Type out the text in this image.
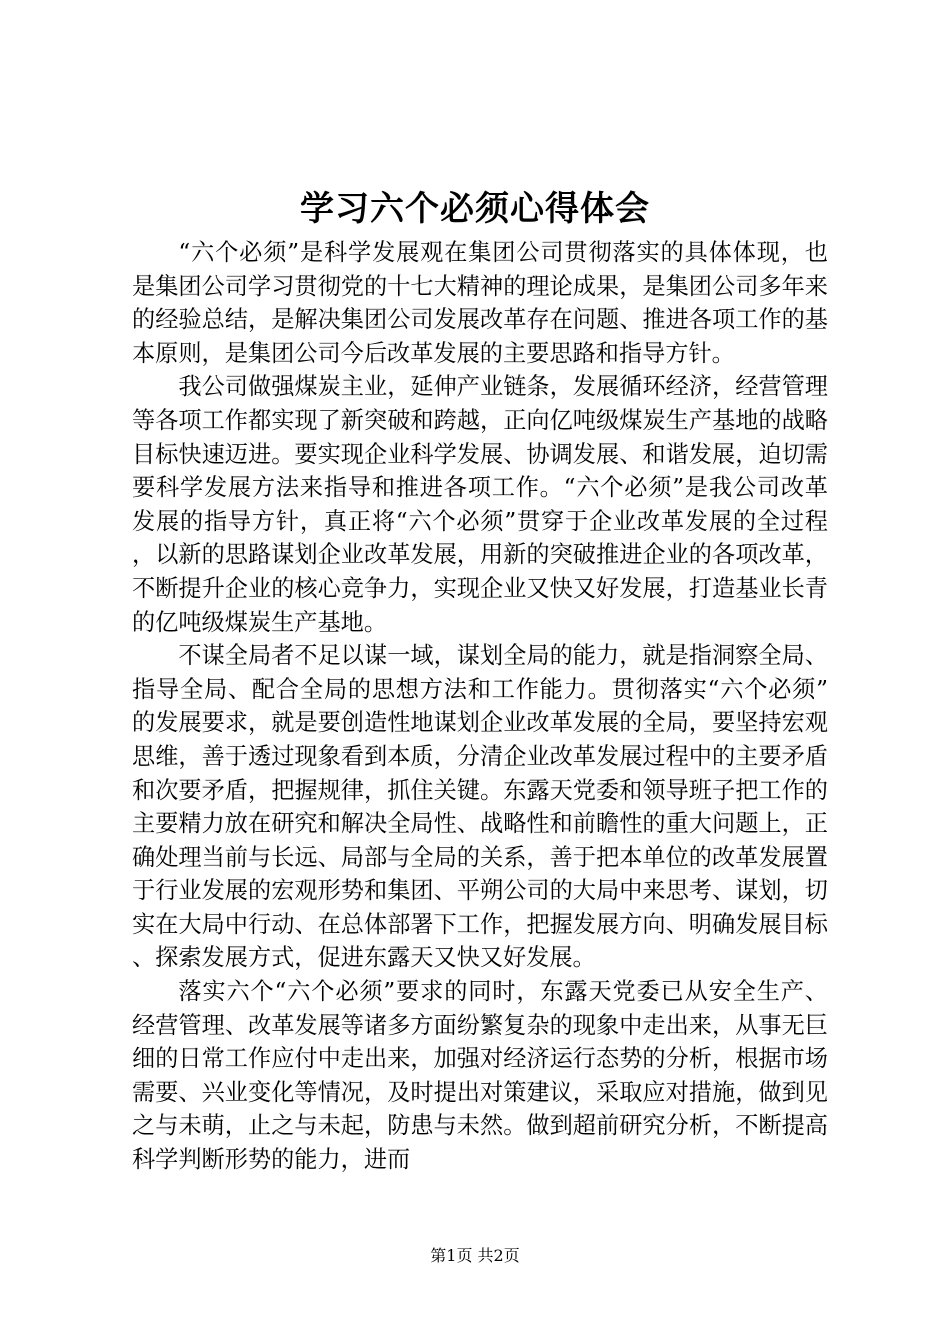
学习六个必须心得体会

“六个必须”是科学发展观在集团公司贯彻落实的具体体现，也是集团公司学习贯彻党的十七大精神的理论成果，是集团公司多年来的经验总结，是解决集团公司发展改革存在问题、推进各项工作的基本原则，是集团公司今后改革发展的主要思路和指导方针。

我公司做强煤炭主业，延伸产业链条，发展循环经济，经营管理等各项工作都实现了新突破和跨越，正向亿吨级煤炭生产基地的战略目标快速迈进。要实现企业科学发展、协调发展、和谐发展，迫切需要科学发展方法来指导和推进各项工作。“六个必须”是我公司改革发展的指导方针，真正将“六个必须”贯穿于企业改革发展的全过程，以新的思路谋划企业改革发展，用新的突破推进企业的各项改革，不断提升企业的核心竞争力，实现企业又快又好发展，打造基业长青的亿吨级煤炭生产基地。

不谋全局者不足以谋一域，谋划全局的能力，就是指洞察全局、指导全局、配合全局的思想方法和工作能力。贯彻落实“六个必须”的发展要求，就是要创造性地谋划企业改革发展的全局，要坚持宏观思维，善于透过现象看到本质，分清企业改革发展过程中的主要矛盾和次要矛盾，把握规律，抓住关键。东露天党委和领导班子把工作的主要精力放在研究和解决全局性、战略性和前瞻性的重大问题上，正确处理当前与长远、局部与全局的关系，善于把本单位的改革发展置于行业发展的宏观形势和集团、平朔公司的大局中来思考、谋划，切实在大局中行动、在总体部署下工作，把握发展方向、明确发展目标、探索发展方式，促进东露天又快又好发展。

落实六个“六个必须”要求的同时，东露天党委已从安全生产、经营管理、改革发展等诸多方面纷繁复杂的现象中走出来，从事无巨细的日常工作应付中走出来，加强对经济运行态势的分析，根据市场需要、兴业变化等情况，及时提出对策建议，采取应对措施，做到见之与未萌，止之与未起，防患与未然。做到超前研究分析，不断提高科学判断形势的能力，进而

第1页 共2页
